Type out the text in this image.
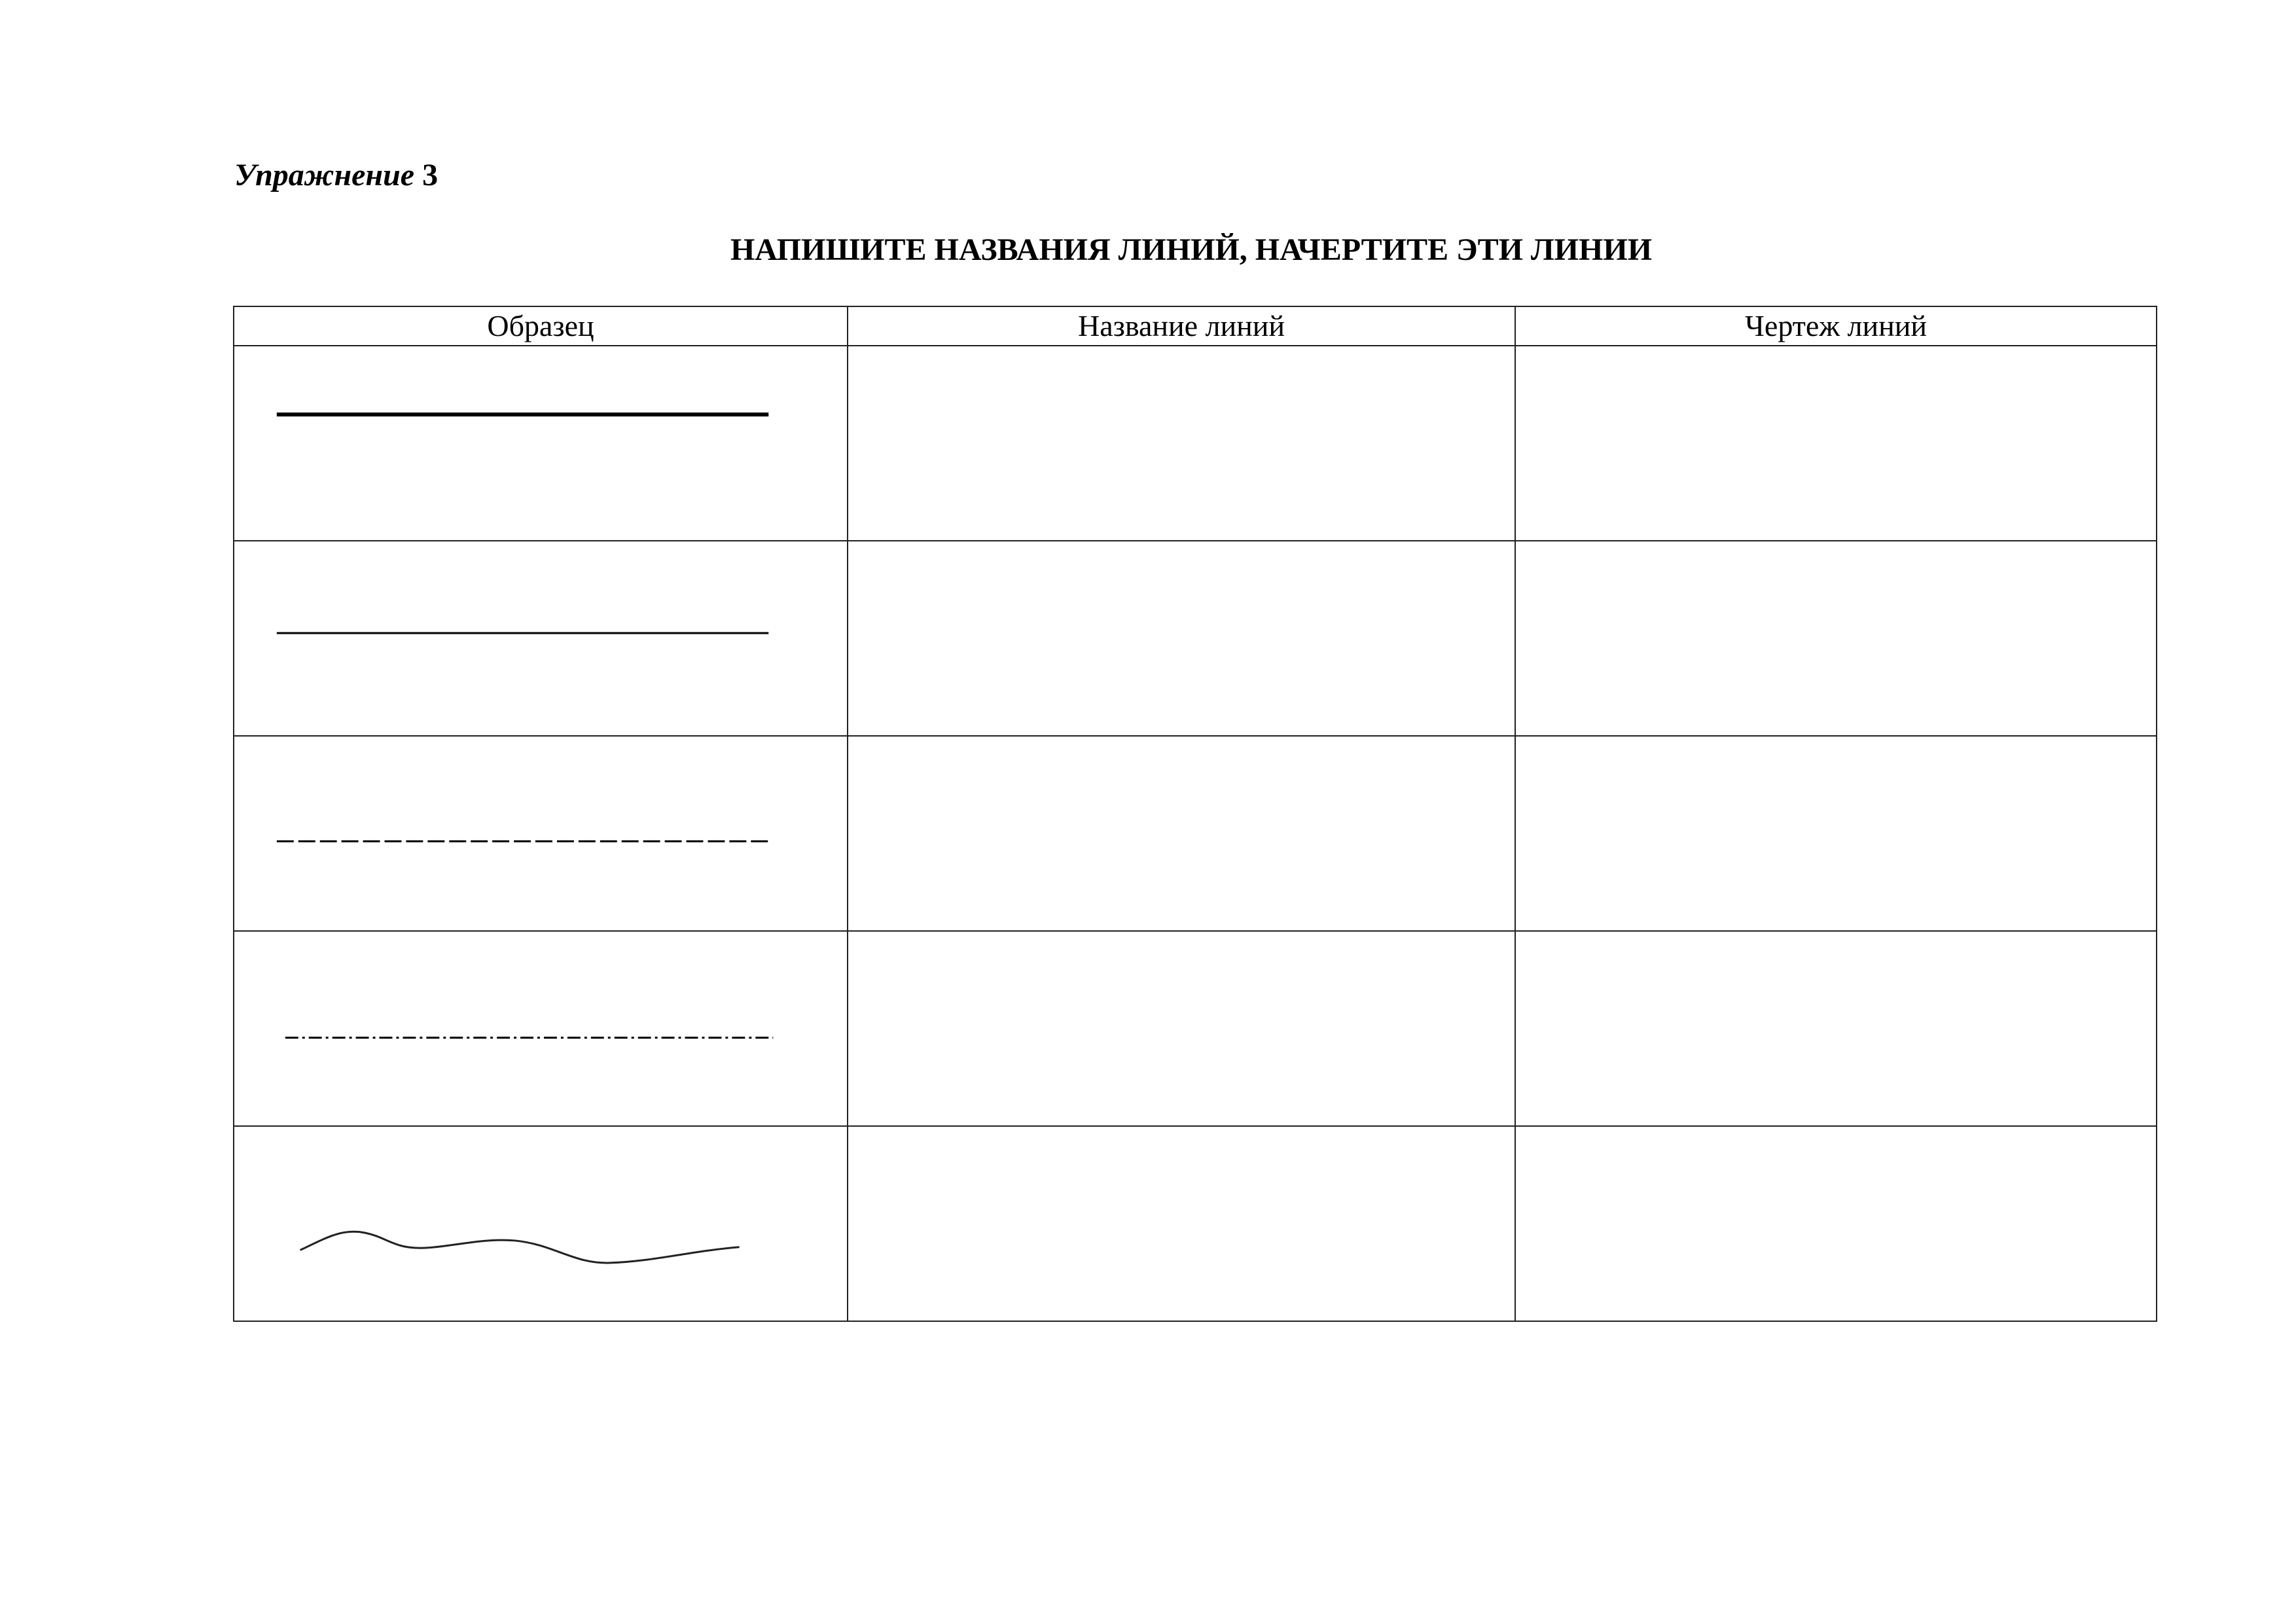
Упражнение 3
НАПИШИТЕ НАЗВАНИЯ ЛИНИЙ, НАЧЕРТИТЕ ЭТИ ЛИНИИ
Образец	Название линий	Чертеж линий
